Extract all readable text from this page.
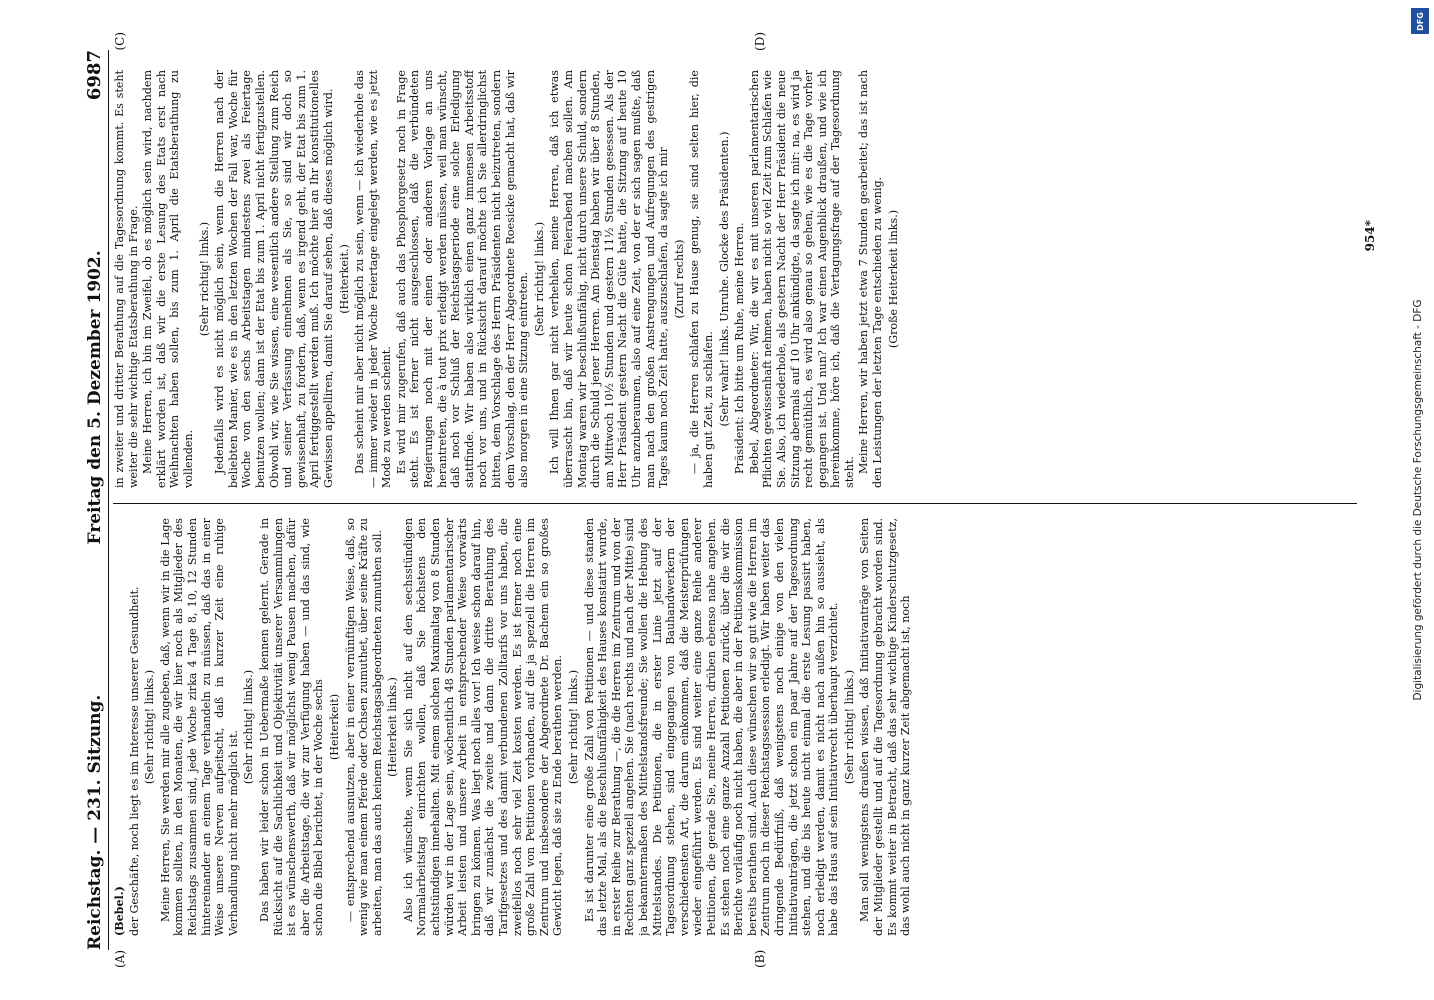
Reichstag. — 231. Sitzung.
Freitag den 5. Dezember 1902.
6987
(A)	(B)
(C)	(D)

(Bebel.) der Geschäfte, noch liegt es im Interesse unserer Gesundheit. (Sehr richtig! links.) Meine Herren, Sie werden mir alle zugeben, daß, wenn wir in die Lage kommen sollten, in den Monaten, die wir hier noch als Mitglieder des Reichstags zusammen sind, jede Woche zirka 4 Tage 8, 10, 12 Stunden hintereinander an einem Tage verhandeln zu müssen, daß das in einer Weise unsere Nerven aufpeitscht, daß in kurzer Zeit eine ruhige Verhandlung nicht mehr möglich ist.

(Sehr richtig! links.) Das haben wir leider schon in Uebermaße kennen gelernt. Gerade in Rücksicht auf die Sachlichkeit und Objektivität unserer Versammlungen ist es wünschenswerth, daß wir möglichst wenig Pausen machen, dafür aber die Arbeitstage, die wir zur Verfügung haben — und das sind, wie schon die Bibel berichtet, in der Woche sechs (Heiterkeit) — entsprechend ausnutzen, aber in einer vernünftigen Weise, daß, so wenig wie man einem Pferde oder Ochsen zumuthet, über seine Kräfte zu arbeiten, man das auch keinem Reichstagsabgeordneten zumuthen soll. (Heiterkeit links.) Also ich wünschte, wenn Sie sich nicht auf den sechsstündigen Normalarbeitstag einrichten wollen, daß Sie höchstens den achtstündigen innehalten. Mit einem solchen Maximaltag von 8 Stunden würden wir in der Lage sein, wöchentlich 48 Stunden parlamentarischer Arbeit leisten und unsere Arbeit in entsprechender Weise vorwärts bringen zu können. Was liegt noch alles vor! Ich weise schon darauf hin, daß wir zunächst die zweite und dann die dritte Berathung des Tarifgesetzes und des damit verbundenen Zolltarifs vor uns haben, die zweifellos noch sehr viel Zeit kosten werden. Es ist ferner noch eine große Zahl von Petitionen vorhanden, auf die ja speziell die Herren im Zentrum und insbesondere der Abgeordnete Dr. Bachem ein so großes Gewicht legen, daß sie zu Ende berathen werden. (Sehr richtig! links.) Es ist darunter eine große Zahl von Petitionen — und diese standen das letzte Mal, als die Beschlußunfähigkeit des Hauses konstatirt wurde, in erster Reihe zur Berathung —, die die Herren im Zentrum und von der Rechten ganz speziell angehen. Sie (nach rechts und nach der Mitte) sind ja bekanntermaßen des Mittelstandsfreunde; Sie wollen die Hebung des Mittelstandes. Die Petitionen, die in erster Linie jetzt auf der Tagesordnung stehen, sind eingegangen von Bauhandwerkern der verschiedensten Art, die darum einkommen, daß die Meisterprüfungen wieder eingeführt werden. Es sind weiter eine ganze Reihe anderer Petitionen, die gerade Sie, meine Herren, drüben ebenso nahe angehen. Es stehen noch eine ganze Anzahl Petitionen zurück, über die wir die Berichte vorläufig noch nicht haben, die aber in der Petitionskommission bereits berathen sind. Auch diese wünschen wir so gut wie die Herren im Zentrum noch in dieser Reichstagssession erledigt. Wir haben weiter das dringende Bedürfniß, daß wenigstens noch einige von den vielen Initiativanträgen, die jetzt schon ein paar Jahre auf der Tagesordnung stehen, und die bis heute nicht einmal die erste Lesung passirt haben, noch erledigt werden, damit es nicht nach außen hin so aussieht, als habe das Haus auf sein Initiativrecht überhaupt verzichtet. (Sehr richtig! links.) Man soll wenigstens draußen wissen, daß Initiativanträge von Seiten der Mitglieder gestellt und auf die Tagesordnung gebracht worden sind. Es kommt weiter in Betracht, daß das sehr wichtige Kinderschutzgesetz, das wohl auch nicht in ganz kurzer Zeit abgemacht ist, noch

in zweiter und dritter Berathung auf die Tagesordnung kommt. Es steht weiter die sehr wichtige Etatsberathung in Frage. Meine Herren, ich bin im Zweifel, ob es möglich sein wird, nachdem erklärt worden ist, daß wir die erste Lesung des Etats erst nach Weihnachten haben sollen, bis zum 1. April die Etatsberathung zu vollenden.

(Sehr richtig! links.) Jedenfalls wird es nicht möglich sein, wenn die Herren nach der beliebten Manier, wie es in den letzten Wochen der Fall war, Woche für Woche von den sechs Arbeitstagen mindestens zwei als Feiertage benutzen wollen; dann ist der Etat bis zum 1. April nicht fertigzustellen. Obwohl wir, wie Sie wissen, eine wesentlich andere Stellung zum Reich und seiner Verfassung einnehmen als Sie, so sind wir doch so gewissenhaft, zu fordern, daß, wenn es irgend geht, der Etat bis zum 1. April fertiggestellt werden muß. Ich möchte hier an Ihr konstitutionelles Gewissen appelliren, damit Sie darauf sehen, daß dieses möglich wird. (Heiterkeit.) Das scheint mir aber nicht möglich zu sein, wenn — ich wiederhole das — immer wieder in jeder Woche Feiertage eingelegt werden, wie es jetzt Mode zu werden scheint. Es wird mir zugerufen, daß auch das Phosphorgesetz noch in Frage steht. Es ist ferner nicht ausgeschlossen, daß die verbündeten Regierungen noch mit der einen oder anderen Vorlage an uns herantreten, die à tout prix erledigt werden müssen, weil man wünscht, daß noch vor Schluß der Reichstagsperiode eine solche Erledigung stattfinde. Wir haben also wirklich einen ganz immensen Arbeitsstoff noch vor uns, und in Rücksicht darauf möchte ich Sie allerdringlichst bitten, dem Vorschlage des Herrn Präsidenten nicht beizutreten, sondern dem Vorschlag, den der Herr Abgeordnete Roesicke gemacht hat, daß wir also morgen in eine Sitzung eintreten. (Sehr richtig! links.) Ich will Ihnen gar nicht verhehlen, meine Herren, daß ich etwas überrascht bin, daß wir heute schon Feierabend machen sollen. Am Montag waren wir beschlußunfähig, nicht durch unsere Schuld, sondern durch die Schuld jener Herren. Am Dienstag haben wir über 8 Stunden, am Mittwoch 10½ Stunden und gestern 11½ Stunden gesessen. Als der Herr Präsident gestern Nacht die Güte hatte, die Sitzung auf heute 10 Uhr anzuberaumen, also auf eine Zeit, von der er sich sagen mußte, daß man nach den großen Anstrengungen und Aufregungen des gestrigen Tages kaum noch Zeit hatte, auszuschlafen, da sagte ich mir (Zuruf rechts) — ja, die Herren schlafen zu Hause genug, sie sind selten hier, die haben gut Zeit, zu schlafen. (Sehr wahr! links. Unruhe. Glocke des Präsidenten.) Präsident: Ich bitte um Ruhe, meine Herren. Bebel, Abgeordneter: Wir, die wir es mit unseren parlamentarischen Pflichten gewissenhaft nehmen, haben nicht so viel Zeit zum Schlafen wie Sie. Also, ich wiederhole, als gestern Nacht der Herr Präsident die neue Sitzung abermals auf 10 Uhr ankündigte, da sagte ich mir: na, es wird ja recht gemüthlich, es wird also genau so gehen, wie es die Tage vorher gegangen ist. Und nun? Ich war einen Augenblick draußen, und wie ich hereinkomme, höre ich, daß die Vertagungsfrage auf der Tagesordnung steht. Meine Herren, wir haben jetzt etwa 7 Stunden gearbeitet; das ist nach den Leistungen der letzten Tage entschieden zu wenig. (Große Heiterkeit links.)	954*
Digitalisierung gefördert durch die Deutsche Forschungsgemeinschaft - DFG
DFG
